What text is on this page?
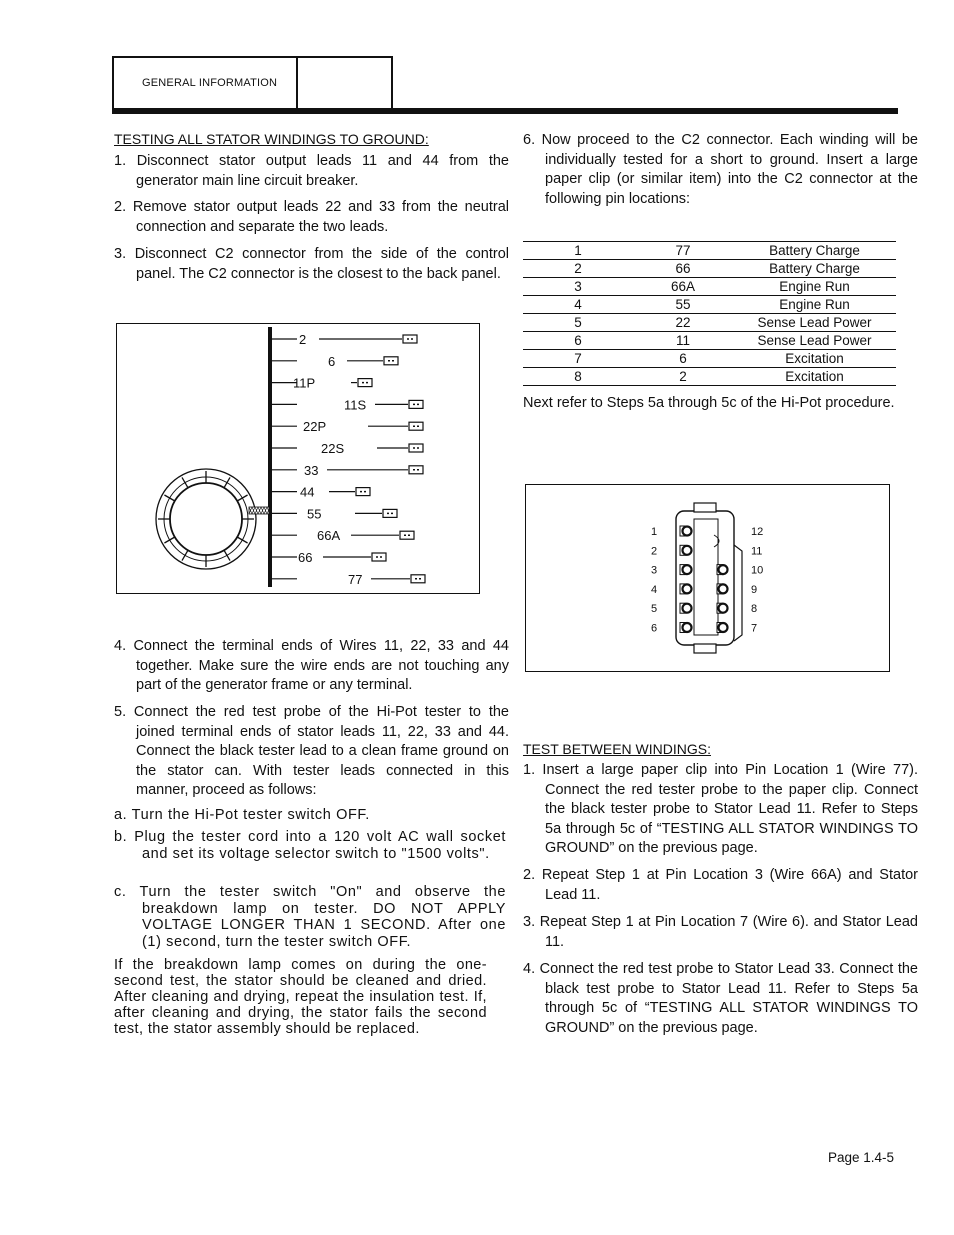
GENERAL INFORMATION
TESTING ALL STATOR WINDINGS TO GROUND:
1. Disconnect stator output leads 11 and 44 from the generator main line circuit breaker.
2. Remove stator output leads 22 and 33 from the neutral connection and separate the two leads.
3. Disconnect C2 connector from the side of the control panel. The C2 connector is the closest to the back panel.
2
6
11P
11S
22P
22S
33
44
55
66A
66
77
4. Connect the terminal ends of Wires 11, 22, 33 and 44 together. Make sure the wire ends are not touching any part of the generator frame or any terminal.
5. Connect the red test probe of the Hi-Pot tester to the joined terminal ends of stator leads 11, 22, 33 and 44. Connect the black tester lead to a clean frame ground on the stator can. With tester leads connected in this manner, proceed as follows:
a. Turn the Hi-Pot tester switch OFF.
b. Plug the tester cord into a 120 volt AC wall socket and set its voltage selector switch to "1500 volts".
c. Turn the tester switch "On" and observe the breakdown lamp on tester. DO NOT APPLY VOLTAGE LONGER THAN 1 SECOND. After one (1) second, turn the tester switch OFF.
If the breakdown lamp comes on during the one-second test, the stator should be cleaned and dried. After cleaning and drying, repeat the insulation test. If, after cleaning and drying, the stator fails the second test, the stator assembly should be replaced.
6. Now proceed to the C2 connector. Each winding will be individually tested for a short to ground. Insert a large paper clip (or similar item) into the C2 connector at the following pin locations:
1	77	Battery Charge
2	66	Battery Charge
3	66A	Engine Run
4	55	Engine Run
5	22	Sense Lead Power
6	11	Sense Lead Power
7	6	Excitation
8	2	Excitation
Next refer to Steps 5a through 5c of the Hi-Pot procedure.
1	12
2	11
3	10
4	9
5	8
6	7
TEST BETWEEN WINDINGS:
1. Insert a large paper clip into Pin Location 1 (Wire 77). Connect the red tester probe to the paper clip. Connect the black tester probe to Stator Lead 11. Refer to Steps 5a through 5c of “TESTING ALL STATOR WINDINGS TO GROUND” on the previous page.
2. Repeat Step 1 at Pin Location 3 (Wire 66A) and Stator Lead 11.
3. Repeat Step 1 at Pin Location 7 (Wire 6). and Stator Lead 11.
4. Connect the red test probe to Stator Lead 33. Connect the black test probe to Stator Lead 11. Refer to Steps 5a through 5c of “TESTING ALL STATOR WINDINGS TO GROUND” on the previous page.
Page 1.4-5
